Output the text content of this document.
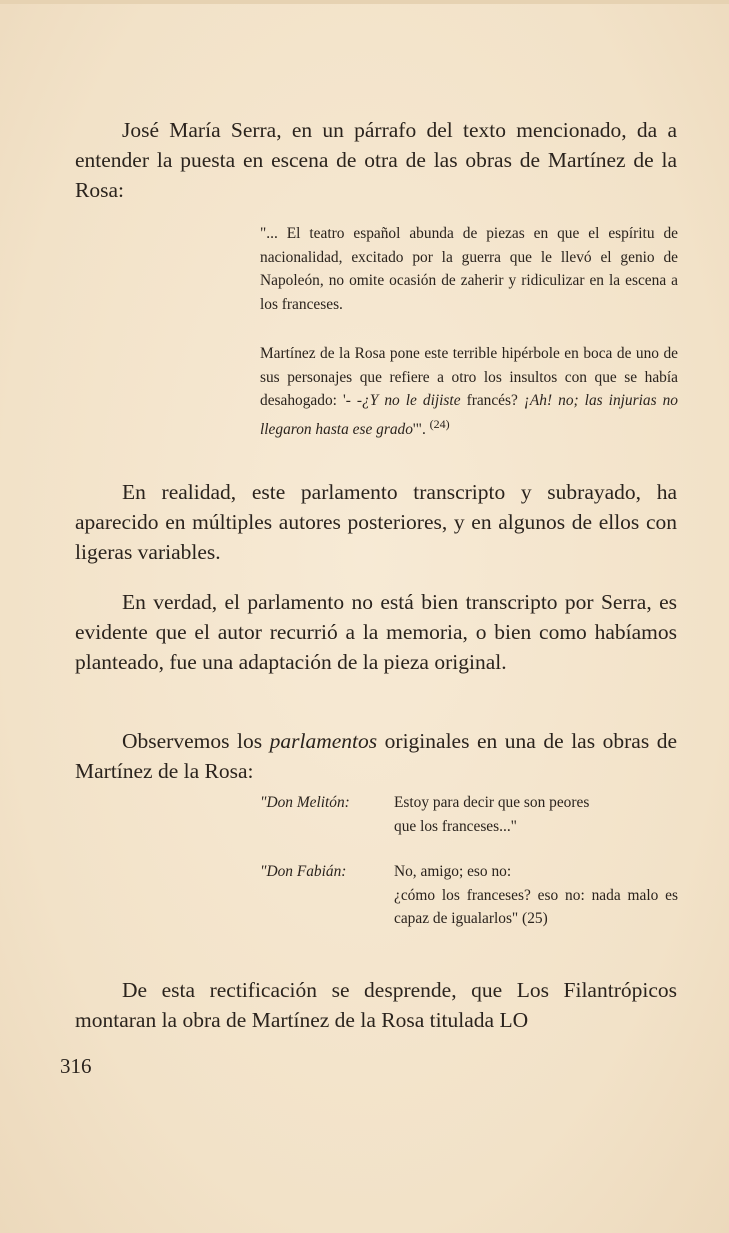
José María Serra, en un párrafo del texto mencionado, da a entender la puesta en escena de otra de las obras de Martínez de la Rosa:

"... El teatro español abunda de piezas en que el espíritu de nacionalidad, excitado por la guerra que le llevó el genio de Napoleón, no omite ocasión de zaherir y ridiculizar en la escena a los franceses.

Martínez de la Rosa pone este terrible hipérbole en boca de uno de sus personajes que refiere a otro los insultos con que se había desahogado: '- -¿Y no le dijiste francés? ¡Ah! no; las injurias no llegaron hasta ese grado'". $^{(24)}$

En realidad, este parlamento transcripto y subrayado, ha aparecido en múltiples autores posteriores, y en algunos de ellos con ligeras variables.

En verdad, el parlamento no está bien transcripto por Serra, es evidente que el autor recurrió a la memoria, o bien como habíamos planteado, fue una adaptación de la pieza original.

Observemos los parlamentos originales en una de las obras de Martínez de la Rosa:

"Don Melitón:	Estoy para decir que son peores
que los franceses..."
"Don Fabián:	No, amigo; eso no:
¿cómo los franceses? eso no: nada malo es capaz de igualarlos" (25)

De esta rectificación se desprende, que Los Filantrópicos montaran la obra de Martínez de la Rosa titulada LO

316
